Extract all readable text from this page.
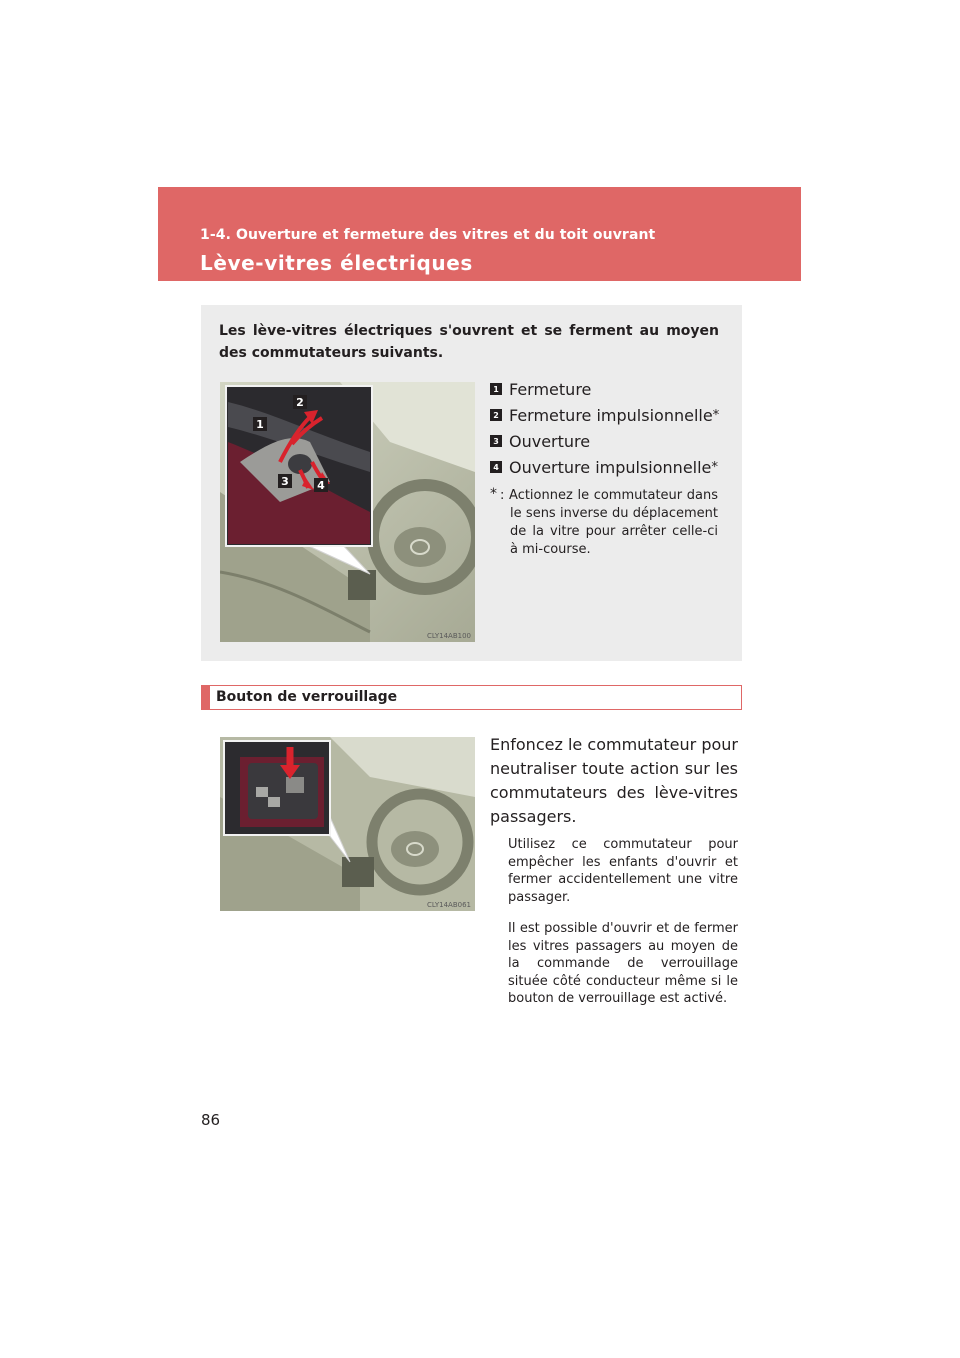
1-4. Ouverture et fermeture des vitres et du toit ouvrant
Lève-vitres électriques
Les lève-vitres électriques s'ouvrent et se ferment au moyen des commutateurs suivants.
1
2
3	4
CLY14AB100
1 Fermeture
2 Fermeture impulsionnelle *
3 Ouverture
4 Ouverture impulsionnelle *
* : Actionnez le commutateur dans le sens inverse du déplacement de la vitre pour arrêter celle-ci à mi-course.
Bouton de verrouillage
CLY14AB061
Enfoncez le commutateur pour neutraliser toute action sur les commutateurs des lève-vitres passagers.
Utilisez ce commutateur pour empêcher les enfants d'ouvrir et fermer accidentellement une vitre passager.
Il est possible d'ouvrir et de fermer les vitres passagers au moyen de la commande de verrouillage située côté conducteur même si le bouton de verrouillage est activé.
86
